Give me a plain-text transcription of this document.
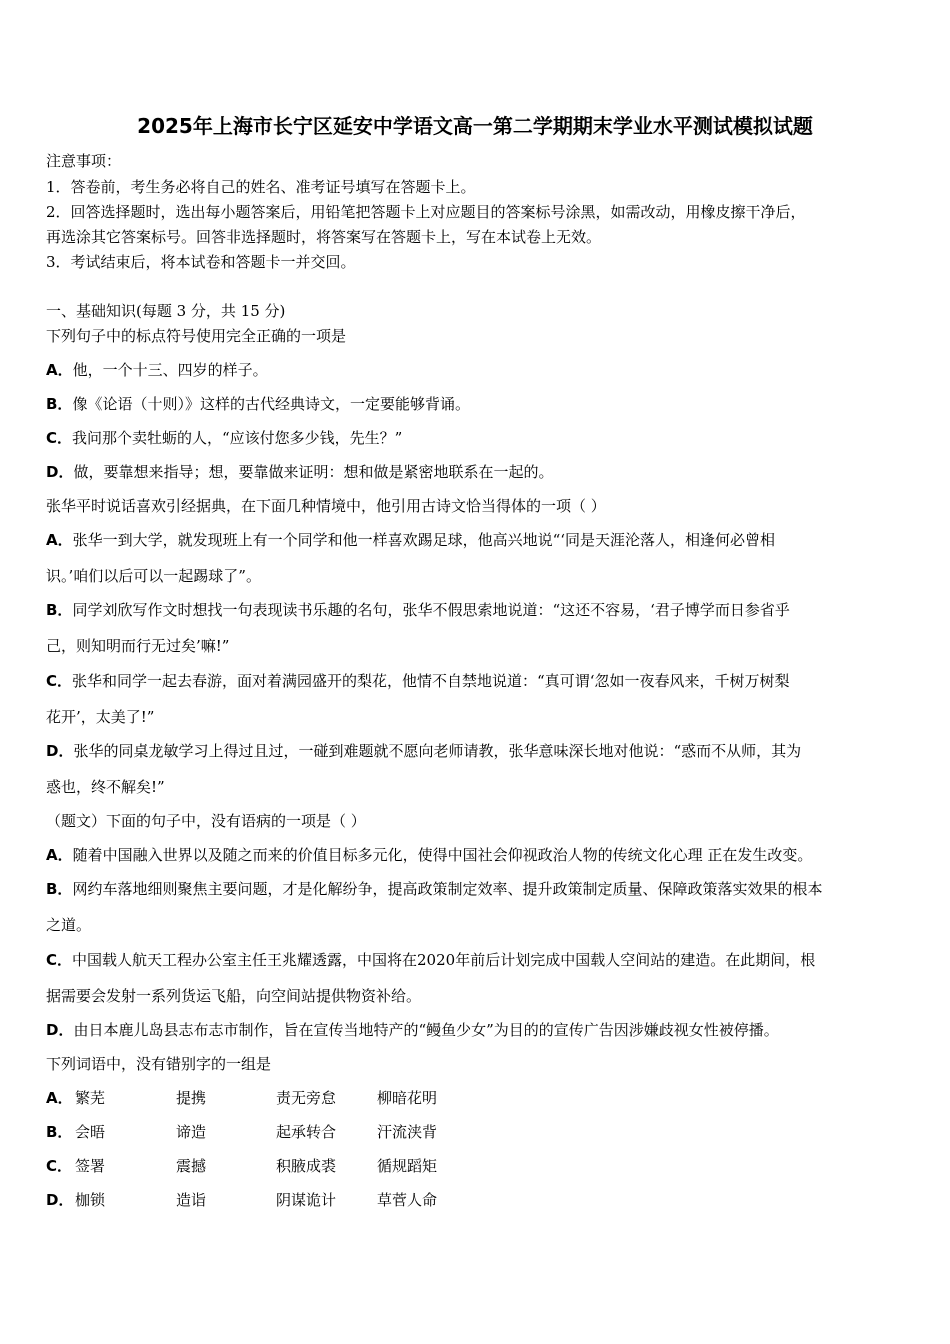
2025年上海市长宁区延安中学语文高一第二学期期末学业水平测试模拟试题
注意事项：
1．答卷前，考生务必将自己的姓名、准考证号填写在答题卡上。
2．回答选择题时，选出每小题答案后，用铅笔把答题卡上对应题目的答案标号涂黑，如需改动，用橡皮擦干净后，
再选涂其它答案标号。回答非选择题时，将答案写在答题卡上，写在本试卷上无效。
3．考试结束后，将本试卷和答题卡一并交回。
一、基础知识(每题 3 分，共 15 分)
下列句子中的标点符号使用完全正确的一项是
A．他，一个十三、四岁的样子。
B．像《论语（十则）》这样的古代经典诗文，一定要能够背诵。
C．我问那个卖牡蛎的人，“应该付您多少钱，先生？”
D．做，要靠想来指导；想，要靠做来证明：想和做是紧密地联系在一起的。
张华平时说话喜欢引经据典，在下面几种情境中，他引用古诗文恰当得体的一项（ ）
A．张华一到大学，就发现班上有一个同学和他一样喜欢踢足球，他高兴地说“‘同是天涯沦落人，相逢何必曾相
识。’咱们以后可以一起踢球了”。
B．同学刘欣写作文时想找一句表现读书乐趣的名句，张华不假思索地说道：“这还不容易，‘君子博学而日参省乎
己，则知明而行无过矣’嘛!”
C．张华和同学一起去春游，面对着满园盛开的梨花，他情不自禁地说道：“真可谓‘忽如一夜春风来，千树万树梨
花开’，太美了!”
D．张华的同桌龙敏学习上得过且过，一碰到难题就不愿向老师请教，张华意味深长地对他说：“惑而不从师，其为
惑也，终不解矣!”
（题文）下面的句子中，没有语病的一项是（ ）
A．随着中国融入世界以及随之而来的价值目标多元化，使得中国社会仰视政治人物的传统文化心理 正在发生改变。
B．网约车落地细则聚焦主要问题，才是化解纷争，提高政策制定效率、提升政策制定质量、保障政策落实效果的根本
之道。
C．中国载人航天工程办公室主任王兆耀透露，中国将在2020年前后计划完成中国载人空间站的建造。在此期间，根
据需要会发射一系列货运飞船，向空间站提供物资补给。
D．由日本鹿儿岛县志布志市制作，旨在宣传当地特产的“鳗鱼少女”为目的的宣传广告因涉嫌歧视女性被停播。
下列词语中，没有错别字的一组是
A． 繁芜	提携	责无旁怠	柳暗花明
B． 会晤	谛造	起承转合	汗流浃背
C． 签署	震撼	积腋成裘	循规蹈矩
D． 枷锁	造诣	阴谋诡计	草菅人命
